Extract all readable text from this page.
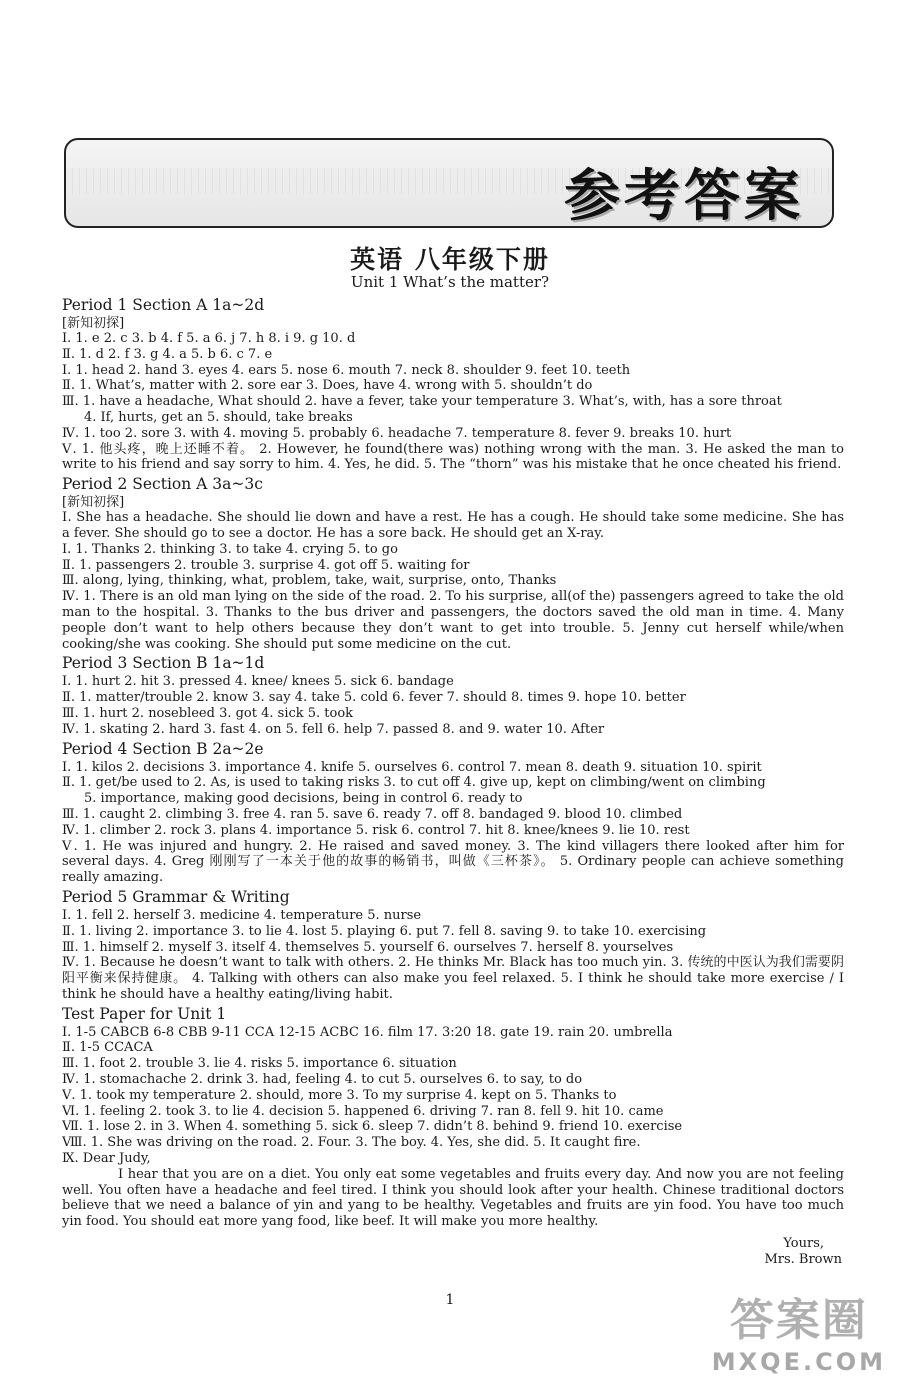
参考答案
英语 八年级下册
Unit 1 What’s the matter?
Period 1 Section A 1a~2d
[新知初探]
Ⅰ. 1. e 2. c 3. b 4. f 5. a 6. j 7. h 8. i 9. g 10. d
Ⅱ. 1. d 2. f 3. g 4. a 5. b 6. c 7. e
Ⅰ. 1. head 2. hand 3. eyes 4. ears 5. nose 6. mouth 7. neck 8. shoulder 9. feet 10. teeth
Ⅱ. 1. What’s, matter with 2. sore ear 3. Does, have 4. wrong with 5. shouldn’t do
Ⅲ. 1. have a headache, What should 2. have a fever, take your temperature 3. What’s, with, has a sore throat
4. If, hurts, get an 5. should, take breaks
Ⅳ. 1. too 2. sore 3. with 4. moving 5. probably 6. headache 7. temperature 8. fever 9. breaks 10. hurt
Ⅴ. 1. 他头疼，晚上还睡不着。 2. However, he found(there was) nothing wrong with the man. 3. He asked the man to write to his friend and say sorry to him. 4. Yes, he did. 5. The “thorn” was his mistake that he once cheated his friend.
Period 2 Section A 3a~3c
[新知初探]
Ⅰ. She has a headache. She should lie down and have a rest. He has a cough. He should take some medicine. She has a fever. She should go to see a doctor. He has a sore back. He should get an X-ray.
Ⅰ. 1. Thanks 2. thinking 3. to take 4. crying 5. to go
Ⅱ. 1. passengers 2. trouble 3. surprise 4. got off 5. waiting for
Ⅲ. along, lying, thinking, what, problem, take, wait, surprise, onto, Thanks
Ⅳ. 1. There is an old man lying on the side of the road. 2. To his surprise, all(of the) passengers agreed to take the old man to the hospital. 3. Thanks to the bus driver and passengers, the doctors saved the old man in time. 4. Many people don’t want to help others because they don’t want to get into trouble. 5. Jenny cut herself while/when cooking/she was cooking. She should put some medicine on the cut.
Period 3 Section B 1a~1d
Ⅰ. 1. hurt 2. hit 3. pressed 4. knee/ knees 5. sick 6. bandage
Ⅱ. 1. matter/trouble 2. know 3. say 4. take 5. cold 6. fever 7. should 8. times 9. hope 10. better
Ⅲ. 1. hurt 2. nosebleed 3. got 4. sick 5. took
Ⅳ. 1. skating 2. hard 3. fast 4. on 5. fell 6. help 7. passed 8. and 9. water 10. After
Period 4 Section B 2a~2e
Ⅰ. 1. kilos 2. decisions 3. importance 4. knife 5. ourselves 6. control 7. mean 8. death 9. situation 10. spirit
Ⅱ. 1. get/be used to 2. As, is used to taking risks 3. to cut off 4. give up, kept on climbing/went on climbing
5. importance, making good decisions, being in control 6. ready to
Ⅲ. 1. caught 2. climbing 3. free 4. ran 5. save 6. ready 7. off 8. bandaged 9. blood 10. climbed
Ⅳ. 1. climber 2. rock 3. plans 4. importance 5. risk 6. control 7. hit 8. knee/knees 9. lie 10. rest
Ⅴ. 1. He was injured and hungry. 2. He raised and saved money. 3. The kind villagers there looked after him for several days. 4. Greg 刚刚写了一本关于他的故事的畅销书，叫做《三杯茶》。 5. Ordinary people can achieve something really amazing.
Period 5 Grammar & Writing
Ⅰ. 1. fell 2. herself 3. medicine 4. temperature 5. nurse
Ⅱ. 1. living 2. importance 3. to lie 4. lost 5. playing 6. put 7. fell 8. saving 9. to take 10. exercising
Ⅲ. 1. himself 2. myself 3. itself 4. themselves 5. yourself 6. ourselves 7. herself 8. yourselves
Ⅳ. 1. Because he doesn’t want to talk with others. 2. He thinks Mr. Black has too much yin. 3. 传统的中医认为我们需要阴阳平衡来保持健康。 4. Talking with others can also make you feel relaxed. 5. I think he should take more exercise / I think he should have a healthy eating/living habit.
Test Paper for Unit 1
Ⅰ. 1-5 CABCB 6-8 CBB 9-11 CCA 12-15 ACBC 16. film 17. 3:20 18. gate 19. rain 20. umbrella
Ⅱ. 1-5 CCACA
Ⅲ. 1. foot 2. trouble 3. lie 4. risks 5. importance 6. situation
Ⅳ. 1. stomachache 2. drink 3. had, feeling 4. to cut 5. ourselves 6. to say, to do
Ⅴ. 1. took my temperature 2. should, more 3. To my surprise 4. kept on 5. Thanks to
Ⅵ. 1. feeling 2. took 3. to lie 4. decision 5. happened 6. driving 7. ran 8. fell 9. hit 10. came
Ⅶ. 1. lose 2. in 3. When 4. something 5. sick 6. sleep 7. didn’t 8. behind 9. friend 10. exercise
Ⅷ. 1. She was driving on the road. 2. Four. 3. The boy. 4. Yes, she did. 5. It caught fire.
Ⅸ. Dear Judy,
I hear that you are on a diet. You only eat some vegetables and fruits every day. And now you are not feeling well. You often have a headache and feel tired. I think you should look after your health. Chinese traditional doctors believe that we need a balance of yin and yang to be healthy. Vegetables and fruits are yin food. You have too much yin food. You should eat more yang food, like beef. It will make you more healthy.
Yours,
Mrs. Brown
1	答案圈
MXQE.COM
